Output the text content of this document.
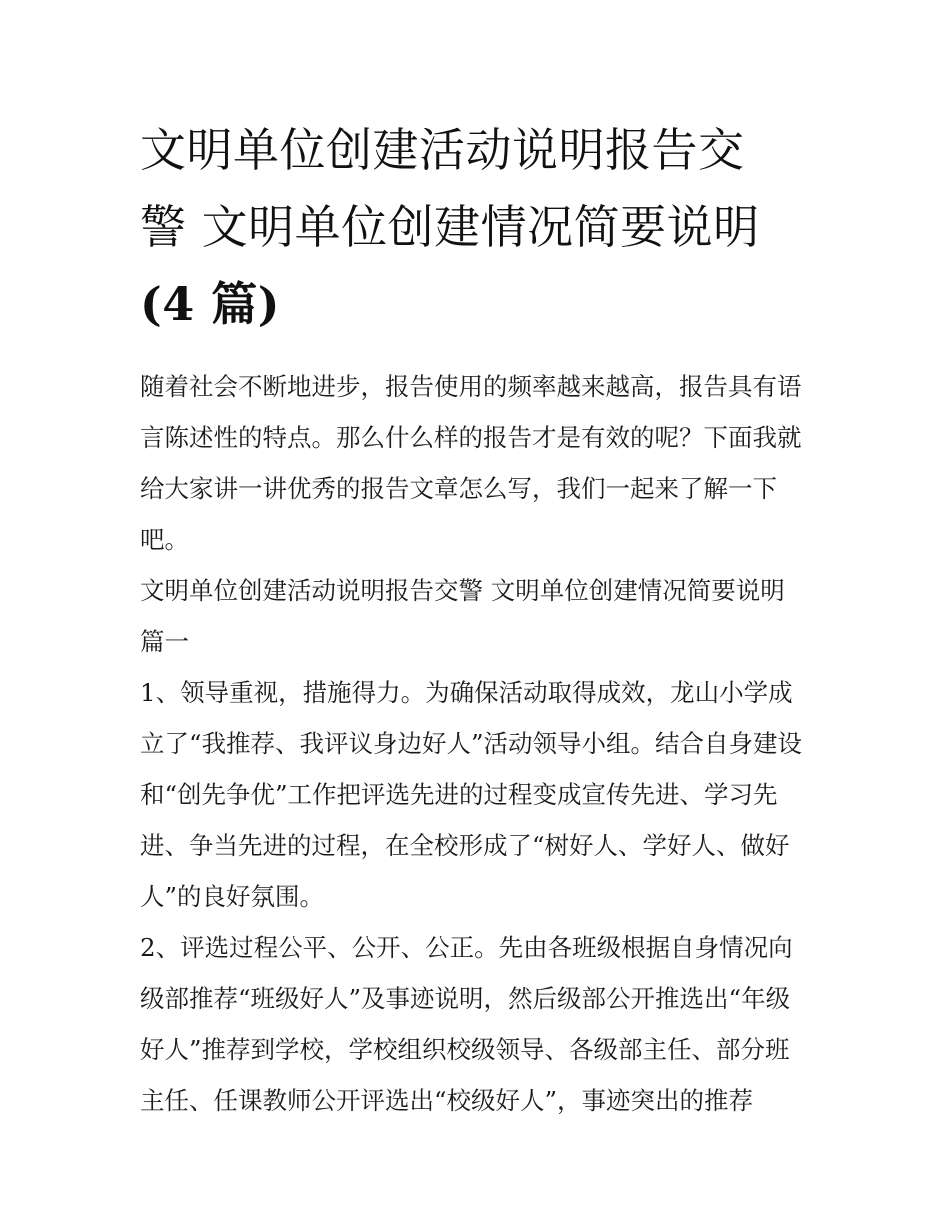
文明单位创建活动说明报告交
警 文明单位创建情况简要说明
(4 篇)

随着社会不断地进步，报告使用的频率越来越高，报告具有语
言陈述性的特点。那么什么样的报告才是有效的呢？下面我就
给大家讲一讲优秀的报告文章怎么写，我们一起来了解一下
吧。

文明单位创建活动说明报告交警 文明单位创建情况简要说明
篇一

1、领导重视，措施得力。为确保活动取得成效，龙山小学成
立了“我推荐、我评议身边好人”活动领导小组。结合自身建设
和“创先争优”工作把评选先进的过程变成宣传先进、学习先
进、争当先进的过程，在全校形成了“树好人、学好人、做好
人”的良好氛围。

2、评选过程公平、公开、公正。先由各班级根据自身情况向
级部推荐“班级好人”及事迹说明，然后级部公开推选出“年级
好人”推荐到学校，学校组织校级领导、各级部主任、部分班
主任、任课教师公开评选出“校级好人”，事迹突出的推荐
